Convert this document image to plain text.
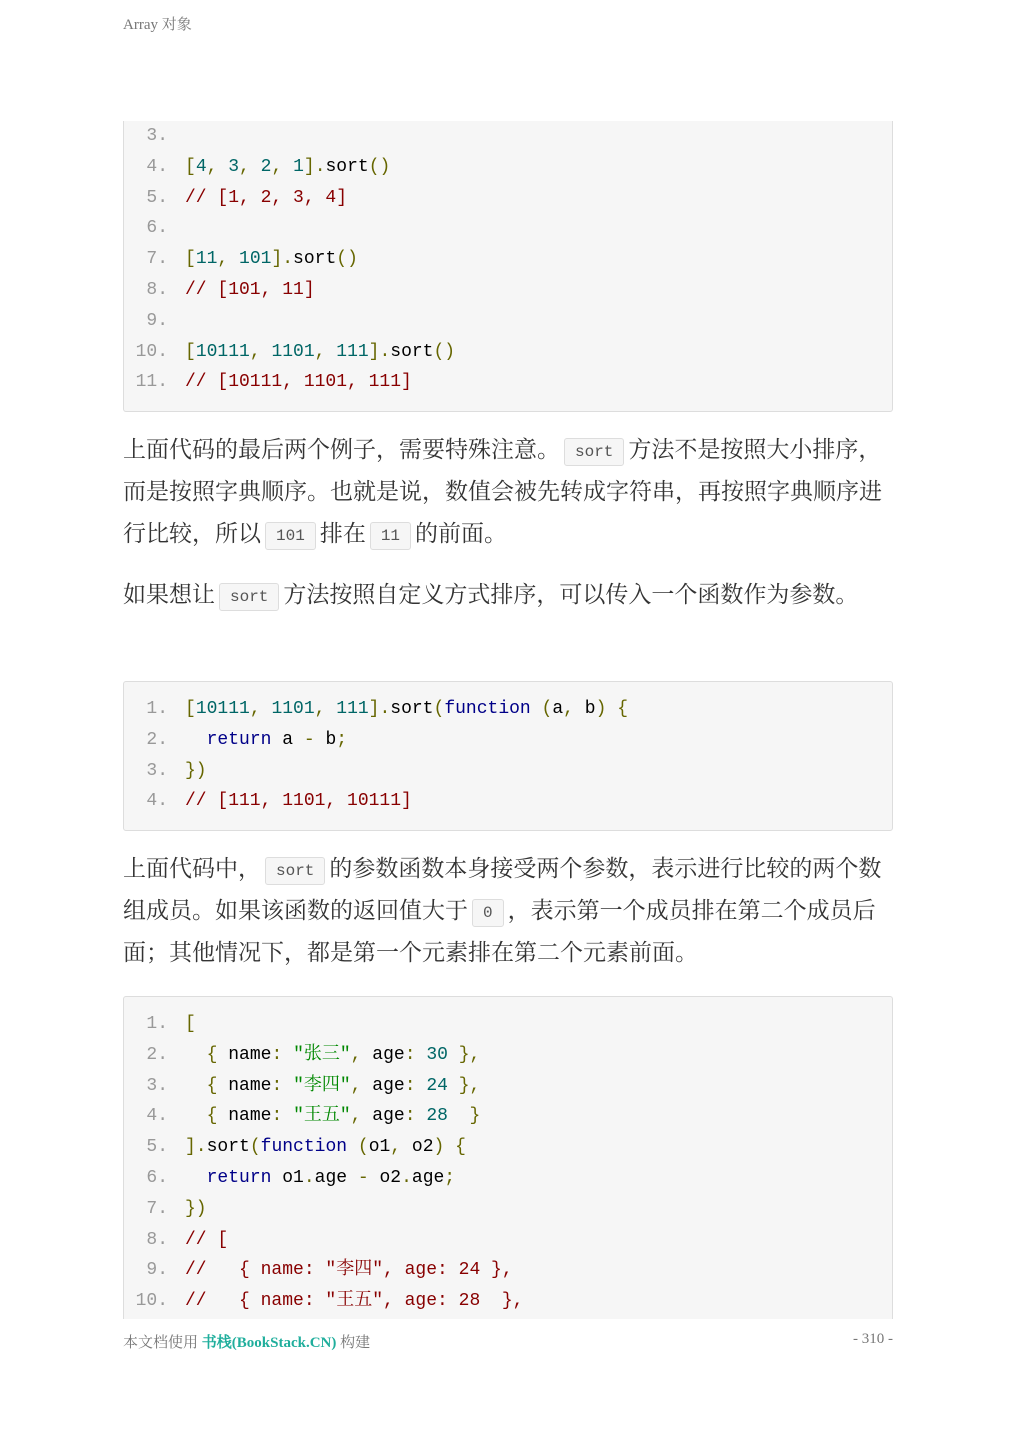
Array 对象
3.
4. [4, 3, 2, 1].sort()
5. // [1, 2, 3, 4]
6.
7. [11, 101].sort()
8. // [101, 11]
9.
10. [10111, 1101, 111].sort()
11. // [10111, 1101, 111]
上面代码的最后两个例子，需要特殊注意。 sort 方法不是按照大小排序，而是按照字典顺序。也就是说，数值会被先转成字符串，再按照字典顺序进行比较，所以 101 排在 11 的前面。
如果想让 sort 方法按照自定义方式排序，可以传入一个函数作为参数。
1. [10111, 1101, 111].sort(function (a, b) {
2. return a - b;
3. })
4. // [111, 1101, 10111]
上面代码中， sort 的参数函数本身接受两个参数，表示进行比较的两个数组成员。如果该函数的返回值大于 0 ，表示第一个成员排在第二个成员后面；其他情况下，都是第一个元素排在第二个元素前面。
1. [
2. { name: "张三", age: 30 },
3. { name: "李四", age: 24 },
4. { name: "王五", age: 28 }
5. ].sort(function (o1, o2) {
6. return o1.age - o2.age;
7. })
8. // [
9. //   { name: "李四", age: 24 },
10. //   { name: "王五", age: 28  },
本文档使用 书栈(BookStack.CN) 构建	- 310 -
